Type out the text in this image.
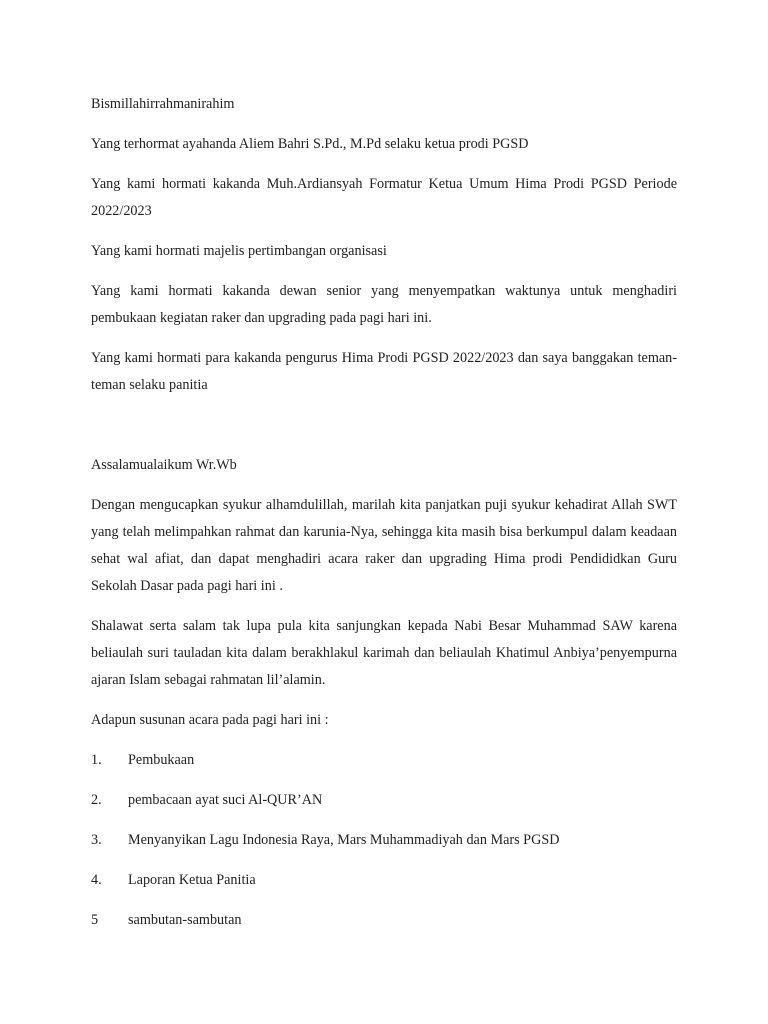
Bismillahirrahmanirahim

Yang terhormat ayahanda Aliem Bahri S.Pd., M.Pd selaku ketua prodi PGSD

Yang kami hormati kakanda Muh.Ardiansyah Formatur Ketua Umum Hima Prodi PGSD Periode 2022/2023

Yang kami hormati majelis pertimbangan organisasi

Yang kami hormati kakanda dewan senior yang menyempatkan waktunya untuk menghadiri pembukaan kegiatan raker dan upgrading pada pagi hari ini.

Yang kami hormati para kakanda pengurus Hima Prodi PGSD 2022/2023 dan saya banggakan teman-teman selaku panitia

Assalamualaikum Wr.Wb

Dengan mengucapkan syukur alhamdulillah, marilah kita panjatkan puji syukur kehadirat Allah SWT yang telah melimpahkan rahmat dan karunia-Nya, sehingga kita masih bisa berkumpul dalam keadaan sehat wal afiat, dan dapat menghadiri acara raker dan upgrading Hima prodi Pendididkan Guru Sekolah Dasar pada pagi hari ini .

Shalawat serta salam tak lupa pula kita sanjungkan kepada Nabi Besar Muhammad SAW karena beliaulah suri tauladan kita dalam berakhlakul karimah dan beliaulah Khatimul Anbiya’penyempurna ajaran Islam sebagai rahmatan lil’alamin.

Adapun susunan acara pada pagi hari ini :

1.	Pembukaan
2.	pembacaan ayat suci Al-QUR’AN
3.	Menyanyikan Lagu Indonesia Raya, Mars Muhammadiyah dan Mars PGSD
4.	Laporan Ketua Panitia
5	sambutan-sambutan
